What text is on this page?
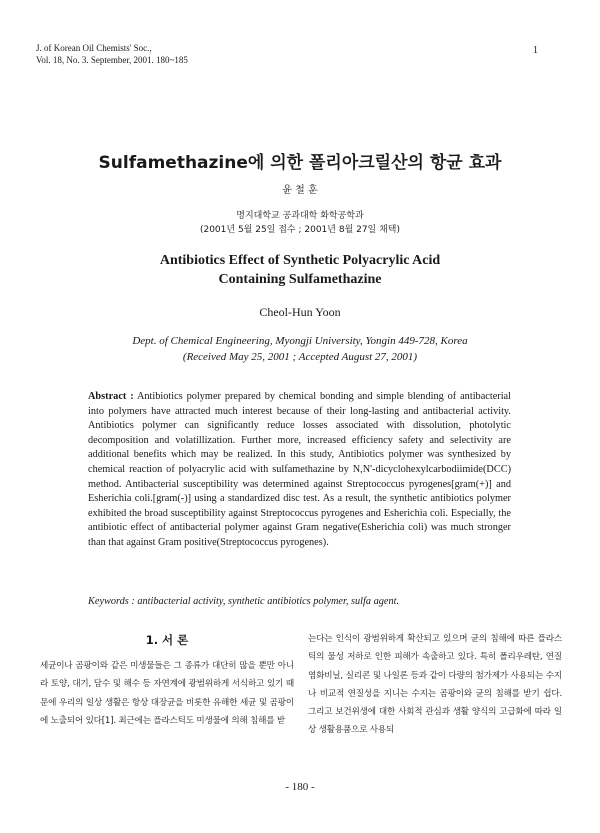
J. of Korean Oil Chemists' Soc.,
Vol. 18, No. 3. September, 2001. 180~185
1
Sulfamethazine에 의한 폴리아크릴산의 항균 효과
윤 철 훈
명지대학교 공과대학 화학공학과
(2001년 5월 25일 접수 ; 2001년 8월 27일 채택)
Antibiotics Effect of Synthetic Polyacrylic Acid
Containing Sulfamethazine
Cheol-Hun Yoon
Dept. of Chemical Engineering, Myongji University, Yongin 449-728, Korea
(Received May 25, 2001 ; Accepted August 27, 2001)
Abstract : Antibiotics polymer prepared by chemical bonding and simple blending of antibacterial into polymers have attracted much interest because of their long-lasting and antibacterial activity. Antibiotics polymer can significantly reduce losses associated with dissolution, photolytic decomposition and volatillization. Further more, increased efficiency safety and selectivity are additional benefits which may be realized. In this study, Antibiotics polymer was synthesized by chemical reaction of polyacrylic acid with sulfamethazine by N,N'-dicyclohexylcarbodiimide(DCC) method. Antibacterial susceptibility was determined against Streptococcus pyrogenes[gram(+)] and Esherichia coli.[gram(-)] using a standardized disc test. As a result, the synthetic antibiotics polymer exhibited the broad susceptibility against Streptococcus pyrogenes and Esherichia coli. Especially, the antibiotic effect of antibacterial polymer against Gram negative(Esherichia coli) was much stronger than that against Gram positive(Streptococcus pyrogenes).
Keywords : antibacterial activity, synthetic antibiotics polymer, sulfa agent.
1. 서 론
세균이나 곰팡이와 같은 미생물들은 그 종류가 대단히 많을 뿐만 아니라 토양, 대기, 담수 및 해수 등 자연계에 광범위하게 서식하고 있기 때문에 우리의 일상 생활은 항상 대장균을 비롯한 유해한 세균 및 곰팡이에 노출되어 있다[1]. 최근에는 플라스틱도 미생물에 의해 침해를 받
는다는 인식이 광범위하게 확산되고 있으며 균의 침해에 따른 플라스틱의 물성 저하로 인한 피해가 속출하고 있다. 특히 폴리우레탄, 연질 염화비닐, 실리콘 및 나일론 등과 같이 다량의 첨가제가 사용되는 수지나 비교적 연질성을 지니는 수지는 곰팡이와 균의 침해를 받기 쉽다. 그리고 보건위생에 대한 사회적 관심과 생활 양식의 고급화에 따라 일상 생활용품으로 사용되
- 180 -
